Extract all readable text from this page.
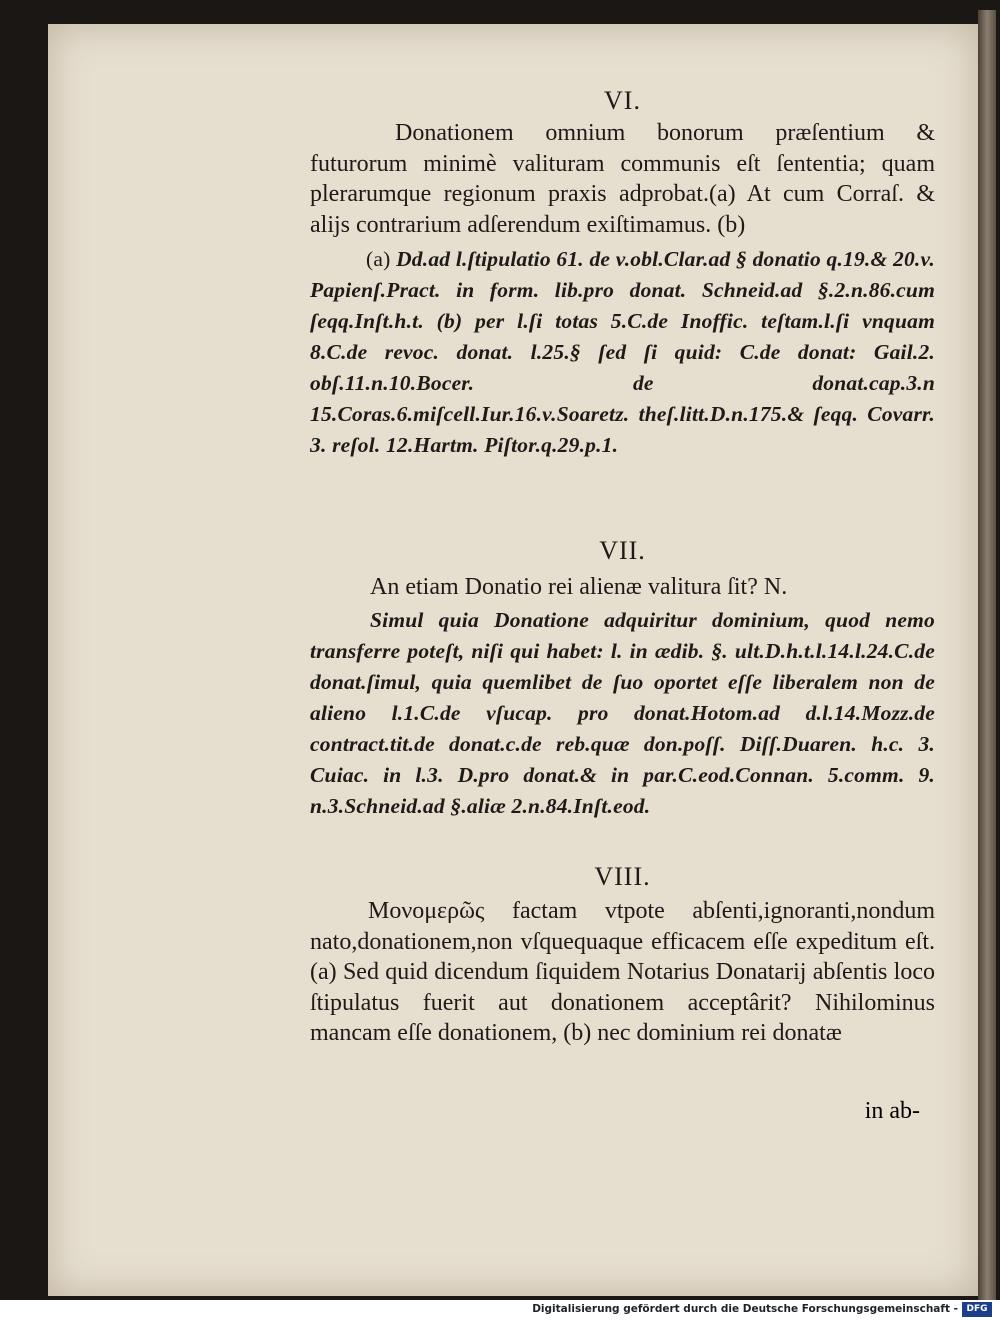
VI.
Donationem omnium bonorum præſentium & futurorum minimè valituram communis eſt ſententia; quam plerarumque regionum praxis adprobat.(a) At cum Corraſ. & alijs contrarium adſerendum exiſtimamus. (b)
(a) Dd.ad l.ſtipulatio 61. de v.obl.Clar.ad § donatio q.19.& 20.v. Papienſ.Pract. in form. lib.pro donat. Schneid.ad §.2.n.86.cum ſeqq.Inſt.h.t. (b) per l.ſi totas 5.C.de Inoffic. teſtam.l.ſi vnquam 8.C.de revoc. donat. l.25.§ ſed ſi quid: C.de donat: Gail.2. obſ.11.n.10.Bocer. de donat.cap.3.n 15.Coras.6.miſcell.Iur.16.v.Soaretz. theſ.litt.D.n.175.& ſeqq. Covarr. 3. reſol. 12.Hartm. Piſtor.q.29.p.1.
VII.
An etiam Donatio rei alienæ valitura ſit? N.
Simul quia Donatione adquiritur dominium, quod nemo transferre poteſt, niſi qui habet: l. in ædib. §. ult.D.h.t.l.14.l.24.C.de donat.ſimul, quia quemlibet de ſuo oportet eſſe liberalem non de alieno l.1.C.de vſucap. pro donat.Hotom.ad d.l.14.Mozz.de contract.tit.de donat.c.de reb.quæ don.poſſ. Diſſ.Duaren. h.c. 3. Cuiac. in l.3. D.pro donat.& in par.C.eod.Connan. 5.comm. 9. n.3.Schneid.ad §.aliæ 2.n.84.Inſt.eod.
VIII.
Μονομερῶς factam vtpote abſenti,ignoranti,nondum nato,donationem,non vſquequaque efficacem eſſe expeditum eſt. (a) Sed quid dicendum ſiquidem Notarius Donatarij abſentis loco ſtipulatus fuerit aut donationem acceptârit? Nihilominus mancam eſſe donationem, (b) nec dominium rei donatæ
in ab-
Digitalisierung gefördert durch die Deutsche Forschungsgemeinschaft - DFG
